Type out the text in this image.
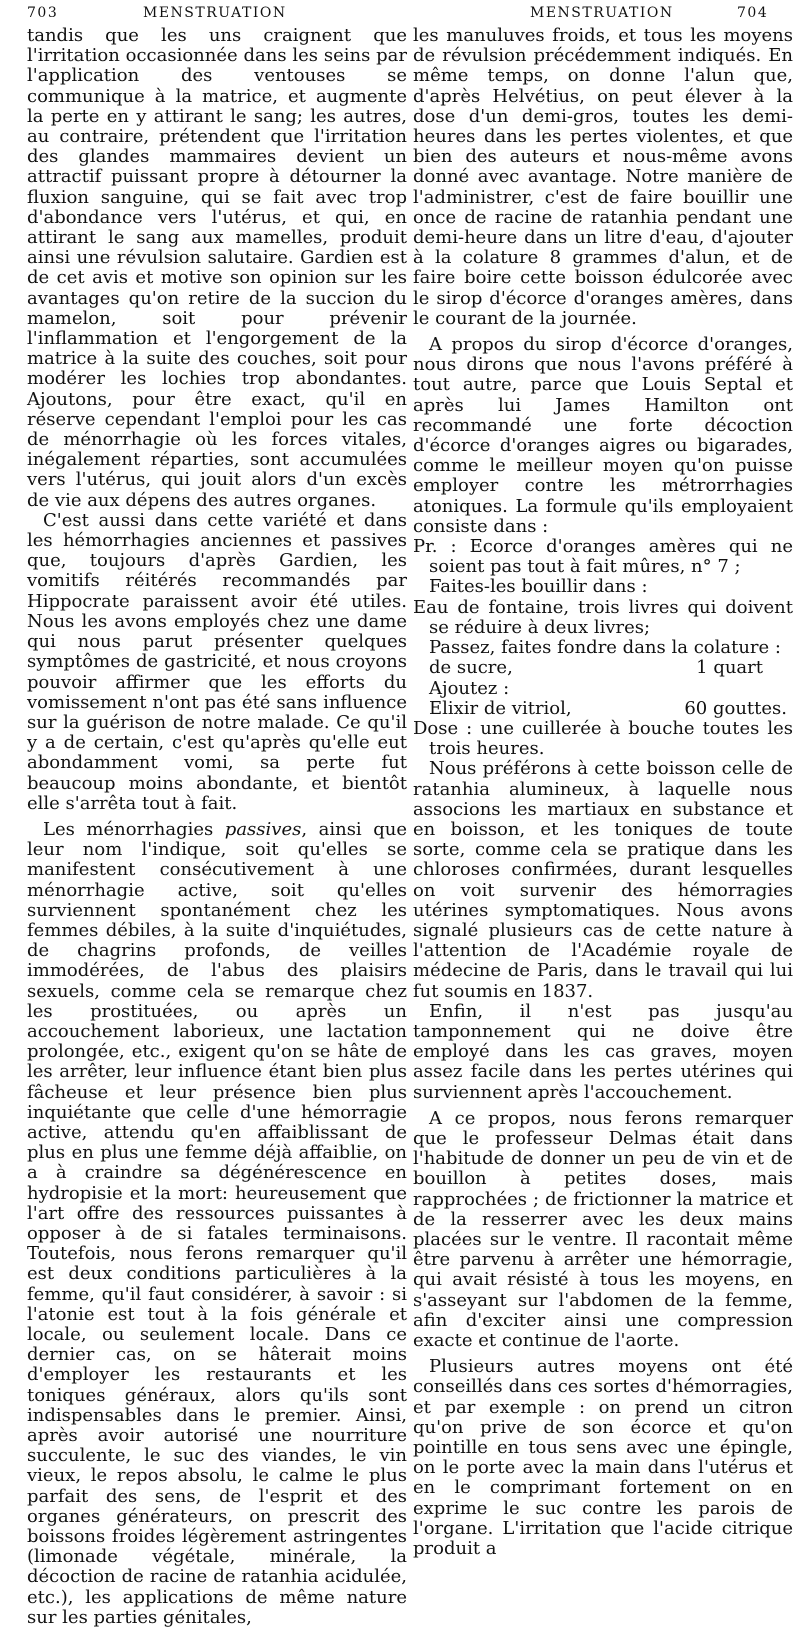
703	MENSTRUATION	MENSTRUATION	704

tandis que les uns craignent que l'irritation occasionnée dans les seins par l'application des ventouses se communique à la matrice, et augmente la perte en y attirant le sang; les autres, au contraire, prétendent que l'irritation des glandes mammaires devient un attractif puissant propre à détourner la fluxion sanguine, qui se fait avec trop d'abondance vers l'utérus, et qui, en attirant le sang aux mamelles, produit ainsi une révulsion salutaire. Gardien est de cet avis et motive son opinion sur les avantages qu'on retire de la succion du mamelon, soit pour prévenir l'inflammation et l'engorgement de la matrice à la suite des couches, soit pour modérer les lochies trop abondantes. Ajoutons, pour être exact, qu'il en réserve cependant l'emploi pour les cas de ménorrhagie où les forces vitales, inégalement réparties, sont accumulées vers l'utérus, qui jouit alors d'un excès de vie aux dépens des autres organes.

C'est aussi dans cette variété et dans les hémorrhagies anciennes et passives que, toujours d'après Gardien, les vomitifs réitérés recommandés par Hippocrate paraissent avoir été utiles. Nous les avons employés chez une dame qui nous parut présenter quelques symptômes de gastricité, et nous croyons pouvoir affirmer que les efforts du vomissement n'ont pas été sans influence sur la guérison de notre malade. Ce qu'il y a de certain, c'est qu'après qu'elle eut abondamment vomi, sa perte fut beaucoup moins abondante, et bientôt elle s'arrêta tout à fait.

Les ménorrhagies passives, ainsi que leur nom l'indique, soit qu'elles se manifestent consécutivement à une ménorrhagie active, soit qu'elles surviennent spontanément chez les femmes débiles, à la suite d'inquiétudes, de chagrins profonds, de veilles immodérées, de l'abus des plaisirs sexuels, comme cela se remarque chez les prostituées, ou après un accouchement laborieux, une lactation prolongée, etc., exigent qu'on se hâte de les arrêter, leur influence étant bien plus fâcheuse et leur présence bien plus inquiétante que celle d'une hémorragie active, attendu qu'en affaiblissant de plus en plus une femme déjà affaiblie, on a à craindre sa dégénérescence en hydropisie et la mort: heureusement que l'art offre des ressources puissantes à opposer à de si fatales terminaisons. Toutefois, nous ferons remarquer qu'il est deux conditions particulières à la femme, qu'il faut considérer, à savoir : si l'atonie est tout à la fois générale et locale, ou seulement locale. Dans ce dernier cas, on se hâterait moins d'employer les restaurants et les toniques généraux, alors qu'ils sont indispensables dans le premier. Ainsi, après avoir autorisé une nourriture succulente, le suc des viandes, le vin vieux, le repos absolu, le calme le plus parfait des sens, de l'esprit et des organes générateurs, on prescrit des boissons froides légèrement astringentes (limonade végétale, minérale, la décoction de racine de ratanhia acidulée, etc.), les applications de même nature sur les parties génitales,

les manuluves froids, et tous les moyens de révulsion précédemment indiqués. En même temps, on donne l'alun que, d'après Helvétius, on peut élever à la dose d'un demi-gros, toutes les demi-heures dans les pertes violentes, et que bien des auteurs et nous-même avons donné avec avantage. Notre manière de l'administrer, c'est de faire bouillir une once de racine de ratanhia pendant une demi-heure dans un litre d'eau, d'ajouter à la colature 8 grammes d'alun, et de faire boire cette boisson édulcorée avec le sirop d'écorce d'oranges amères, dans le courant de la journée.

A propos du sirop d'écorce d'oranges, nous dirons que nous l'avons préféré à tout autre, parce que Louis Septal et après lui James Hamilton ont recommandé une forte décoction d'écorce d'oranges aigres ou bigarades, comme le meilleur moyen qu'on puisse employer contre les métrorrhagies atoniques. La formule qu'ils employaient consiste dans :

Pr. : Ecorce d'oranges amères qui ne soient pas tout à fait mûres, n° 7 ;

Faites-les bouillir dans :

Eau de fontaine, trois livres qui doivent se réduire à deux livres;

Passez, faites fondre dans la colature :

de sucre,	1 quart

Ajoutez :

Elixir de vitriol,	60 gouttes.

Dose : une cuillerée à bouche toutes les trois heures.

Nous préférons à cette boisson celle de ratanhia alumineux, à laquelle nous associons les martiaux en substance et en boisson, et les toniques de toute sorte, comme cela se pratique dans les chloroses confirmées, durant lesquelles on voit survenir des hémorragies utérines symptomatiques. Nous avons signalé plusieurs cas de cette nature à l'attention de l'Académie royale de médecine de Paris, dans le travail qui lui fut soumis en 1837.

Enfin, il n'est pas jusqu'au tamponnement qui ne doive être employé dans les cas graves, moyen assez facile dans les pertes utérines qui surviennent après l'accouchement.

A ce propos, nous ferons remarquer que le professeur Delmas était dans l'habitude de donner un peu de vin et de bouillon à petites doses, mais rapprochées ; de frictionner la matrice et de la resserrer avec les deux mains placées sur le ventre. Il racontait même être parvenu à arrêter une hémorragie, qui avait résisté à tous les moyens, en s'asseyant sur l'abdomen de la femme, afin d'exciter ainsi une compression exacte et continue de l'aorte.

Plusieurs autres moyens ont été conseillés dans ces sortes d'hémorragies, et par exemple : on prend un citron qu'on prive de son écorce et qu'on pointille en tous sens avec une épingle, on le porte avec la main dans l'utérus et en le comprimant fortement on en exprime le suc contre les parois de l'organe. L'irritation que l'acide citrique produit a
